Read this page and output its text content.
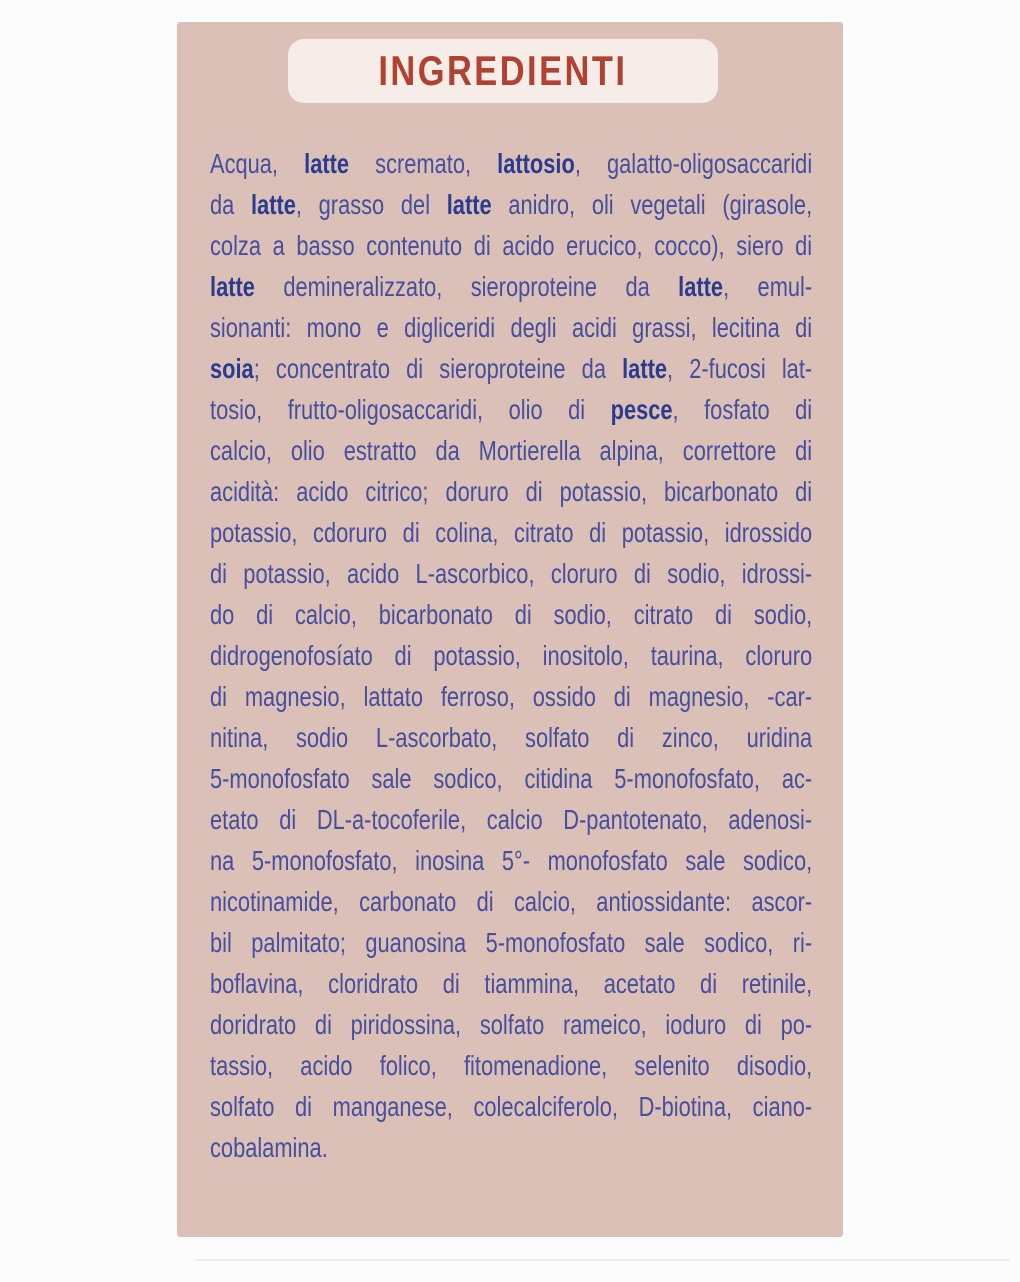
INGREDIENTI
Acqua, latte scremato, lattosio, galatto-oligosaccaridi
da latte, grasso del latte anidro, oli vegetali (girasole,
colza a basso contenuto di acido erucico, cocco), siero di
latte demineralizzato, sieroproteine da latte, emul-
sionanti: mono e digliceridi degli acidi grassi, lecitina di
soia; concentrato di sieroproteine da latte, 2-fucosi lat-
tosio, frutto-oligosaccaridi, olio di pesce, fosfato di
calcio, olio estratto da Mortierella alpina, correttore di
acidità: acido citrico; doruro di potassio, bicarbonato di
potassio, cdoruro di colina, citrato di potassio, idrossido
di potassio, acido L-ascorbico, cloruro di sodio, idrossi-
do di calcio, bicarbonato di sodio, citrato di sodio,
didrogenofosíato di potassio, inositolo, taurina, cloruro
di magnesio, lattato ferroso, ossido di magnesio, -car-
nitina, sodio L-ascorbato, solfato di zinco, uridina
5-monofosfato sale sodico, citidina 5-monofosfato, ac-
etato di DL-a-tocoferile, calcio D-pantotenato, adenosi-
na 5-monofosfato, inosina 5°- monofosfato sale sodico,
nicotinamide, carbonato di calcio, antiossidante: ascor-
bil palmitato; guanosina 5-monofosfato sale sodico, ri-
boflavina, cloridrato di tiammina, acetato di retinile,
doridrato di piridossina, solfato rameico, ioduro di po-
tassio, acido folico, fitomenadione, selenito disodio,
solfato di manganese, colecalciferolo, D-biotina, ciano-
cobalamina.
